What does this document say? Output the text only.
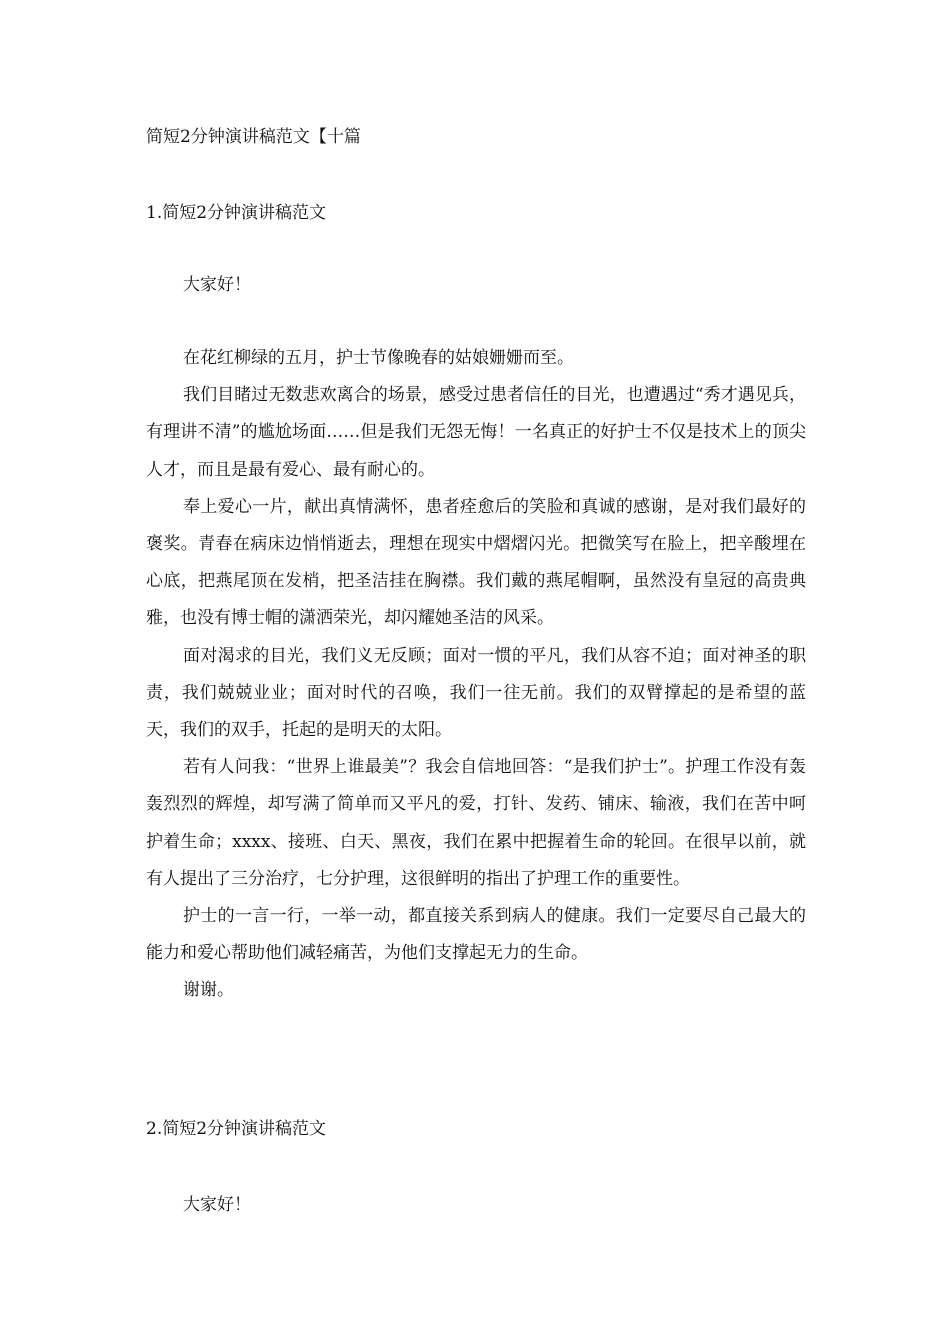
简短2分钟演讲稿范文【十篇
1.简短2分钟演讲稿范文

大家好！

在花红柳绿的五月，护士节像晚春的姑娘姗姗而至。

我们目睹过无数悲欢离合的场景，感受过患者信任的目光，也遭遇过“秀才遇见兵，有理讲不清”的尴尬场面……但是我们无怨无悔！一名真正的好护士不仅是技术上的顶尖人才，而且是最有爱心、最有耐心的。

奉上爱心一片，献出真情满怀，患者痊愈后的笑脸和真诚的感谢，是对我们最好的褒奖。青春在病床边悄悄逝去，理想在现实中熠熠闪光。把微笑写在脸上，把辛酸埋在心底，把燕尾顶在发梢，把圣洁挂在胸襟。我们戴的燕尾帽啊，虽然没有皇冠的高贵典雅，也没有博士帽的潇洒荣光，却闪耀她圣洁的风采。

面对渴求的目光，我们义无反顾；面对一惯的平凡，我们从容不迫；面对神圣的职责，我们兢兢业业；面对时代的召唤，我们一往无前。我们的双臂撑起的是希望的蓝天，我们的双手，托起的是明天的太阳。

若有人问我：“世界上谁最美”？我会自信地回答：“是我们护士”。护理工作没有轰轰烈烈的辉煌，却写满了简单而又平凡的爱，打针、发药、铺床、输液，我们在苦中呵护着生命；xxxx、接班、白天、黑夜，我们在累中把握着生命的轮回。在很早以前，就有人提出了三分治疗，七分护理，这很鲜明的指出了护理工作的重要性。

护士的一言一行，一举一动，都直接关系到病人的健康。我们一定要尽自己最大的能力和爱心帮助他们减轻痛苦，为他们支撑起无力的生命。

谢谢。

2.简短2分钟演讲稿范文

大家好！
